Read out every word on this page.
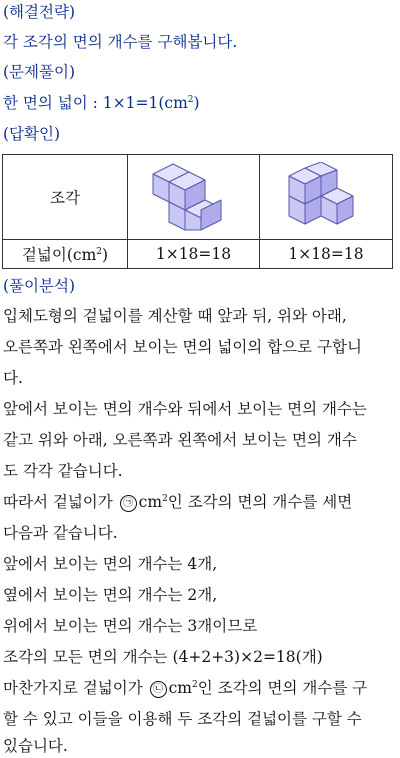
(해결전략)
각 조각의 면의 개수를 구해봅니다.
(문제풀이)
한 면의 넓이 : $1\times 1=1(cm^2)$
(답확인)
조각	

겉넓이$(cm^2)$	1×18=18	1×18=18
(풀이분석)
입체도형의 겉넓이를 계산할 때 앞과 뒤, 위와 아래,
오른쪽과 왼쪽에서 보이는 면의 넓이의 합으로 구합니
다.
앞에서 보이는 면의 개수와 뒤에서 보이는 면의 개수는
같고 위와 아래, 오른쪽과 왼쪽에서 보이는 면의 개수
도 각각 같습니다.
따라서 겉넓이가 ㉠ $cm^2$인 조각의 면의 개수를 세면
다음과 같습니다.
앞에서 보이는 면의 개수는 4개,
옆에서 보이는 면의 개수는 2개,
위에서 보이는 면의 개수는 3개이므로
조각의 모든 면의 개수는 (4+2+3)×2=18(개)
마찬가지로 겉넓이가 ㉡ $cm^2$인 조각의 면의 개수를 구
할 수 있고 이들을 이용해 두 조각의 겉넓이를 구할 수
있습니다.
